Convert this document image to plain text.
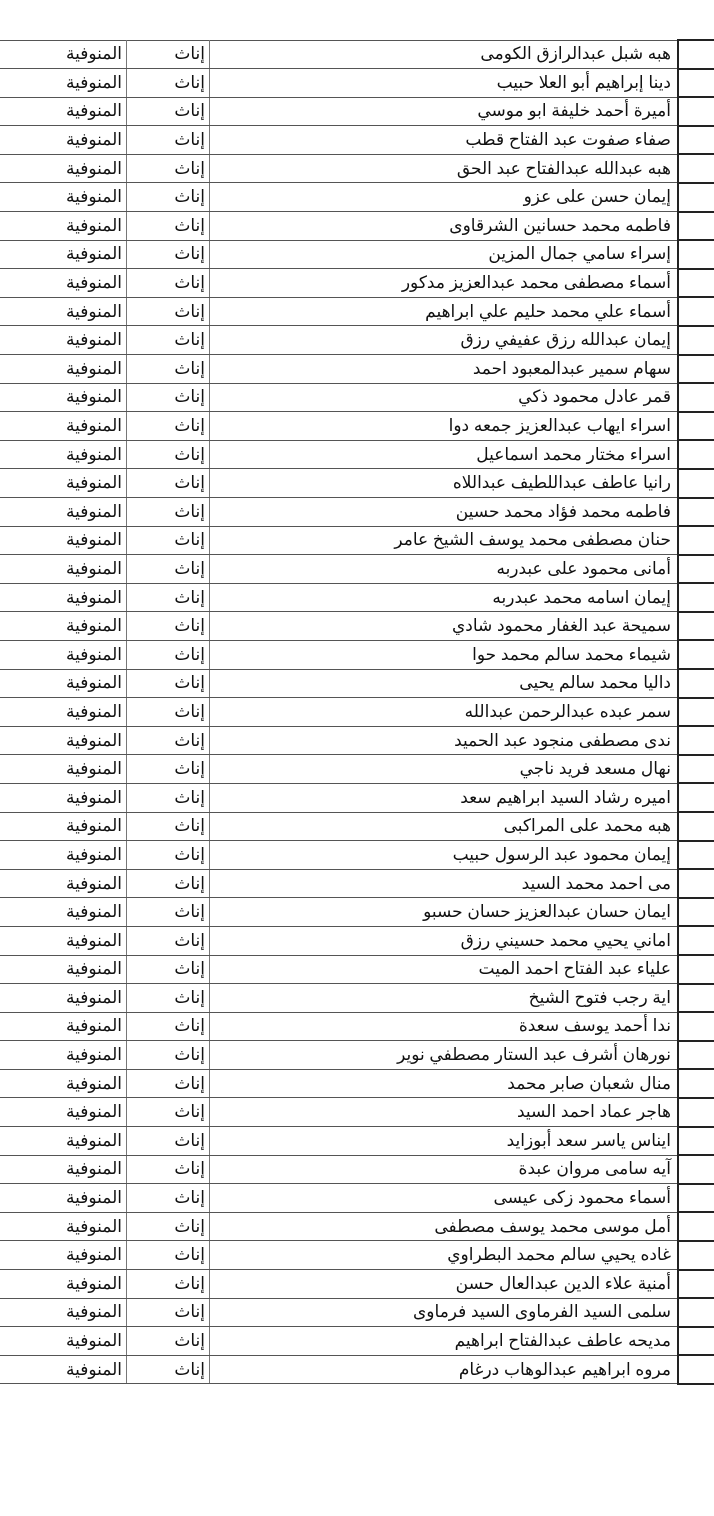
المنوفية	إناث	هبه شبل عبدالرازق الكومى	
المنوفية	إناث	دينا إبراهيم أبو العلا حبيب	
المنوفية	إناث	أميرة أحمد خليفة ابو موسي	
المنوفية	إناث	صفاء صفوت عبد الفتاح قطب	
المنوفية	إناث	هبه عبدالله عبدالفتاح عبد الحق	
المنوفية	إناث	إيمان حسن على عزو	
المنوفية	إناث	فاطمه محمد حسانين الشرقاوى	
المنوفية	إناث	إسراء سامي جمال المزين	
المنوفية	إناث	أسماء مصطفى محمد عبدالعزيز مدكور	
المنوفية	إناث	أسماء علي محمد حليم علي ابراهيم	
المنوفية	إناث	إيمان عبدالله رزق عفيفي رزق	
المنوفية	إناث	سهام سمير عبدالمعبود احمد	
المنوفية	إناث	قمر عادل محمود ذكي	
المنوفية	إناث	اسراء ايهاب عبدالعزيز جمعه دوا	
المنوفية	إناث	اسراء مختار محمد اسماعيل	
المنوفية	إناث	رانيا عاطف عبداللطيف عبداللاه	
المنوفية	إناث	فاطمه محمد فؤاد محمد حسين	
المنوفية	إناث	حنان مصطفى محمد يوسف الشيخ عامر	
المنوفية	إناث	أمانى محمود على عبدربه	
المنوفية	إناث	إيمان اسامه محمد عبدربه	
المنوفية	إناث	سميحة عبد الغفار محمود شادي	
المنوفية	إناث	شيماء محمد سالم محمد حوا	
المنوفية	إناث	داليا محمد سالم يحيى	
المنوفية	إناث	سمر عبده عبدالرحمن عبدالله	
المنوفية	إناث	ندى مصطفى منجود عبد الحميد	
المنوفية	إناث	نهال مسعد فريد ناجي	
المنوفية	إناث	اميره رشاد السيد ابراهيم سعد	
المنوفية	إناث	هبه محمد على المراكبى	
المنوفية	إناث	إيمان محمود عبد الرسول حبيب	
المنوفية	إناث	مى احمد محمد السيد	
المنوفية	إناث	ايمان حسان عبدالعزيز حسان حسبو	
المنوفية	إناث	اماني يحيي محمد حسيني رزق	
المنوفية	إناث	علياء عبد الفتاح احمد الميت	
المنوفية	إناث	اية رجب فتوح الشيخ	
المنوفية	إناث	ندا أحمد يوسف سعدة	
المنوفية	إناث	نورهان أشرف عبد الستار مصطفي نوير	
المنوفية	إناث	منال شعبان صابر محمد	
المنوفية	إناث	هاجر عماد احمد السيد	
المنوفية	إناث	ايناس ياسر سعد أبوزايد	
المنوفية	إناث	آيه سامى مروان عبدة	
المنوفية	إناث	أسماء محمود زكى عيسى	
المنوفية	إناث	أمل موسى محمد يوسف مصطفى	
المنوفية	إناث	غاده يحيي سالم محمد البطراوي	
المنوفية	إناث	أمنية علاء الدين عبدالعال حسن	
المنوفية	إناث	سلمى السيد الفرماوى السيد فرماوى	
المنوفية	إناث	مديحه عاطف عبدالفتاح ابراهيم	
المنوفية	إناث	مروه ابراهيم عبدالوهاب درغام	
